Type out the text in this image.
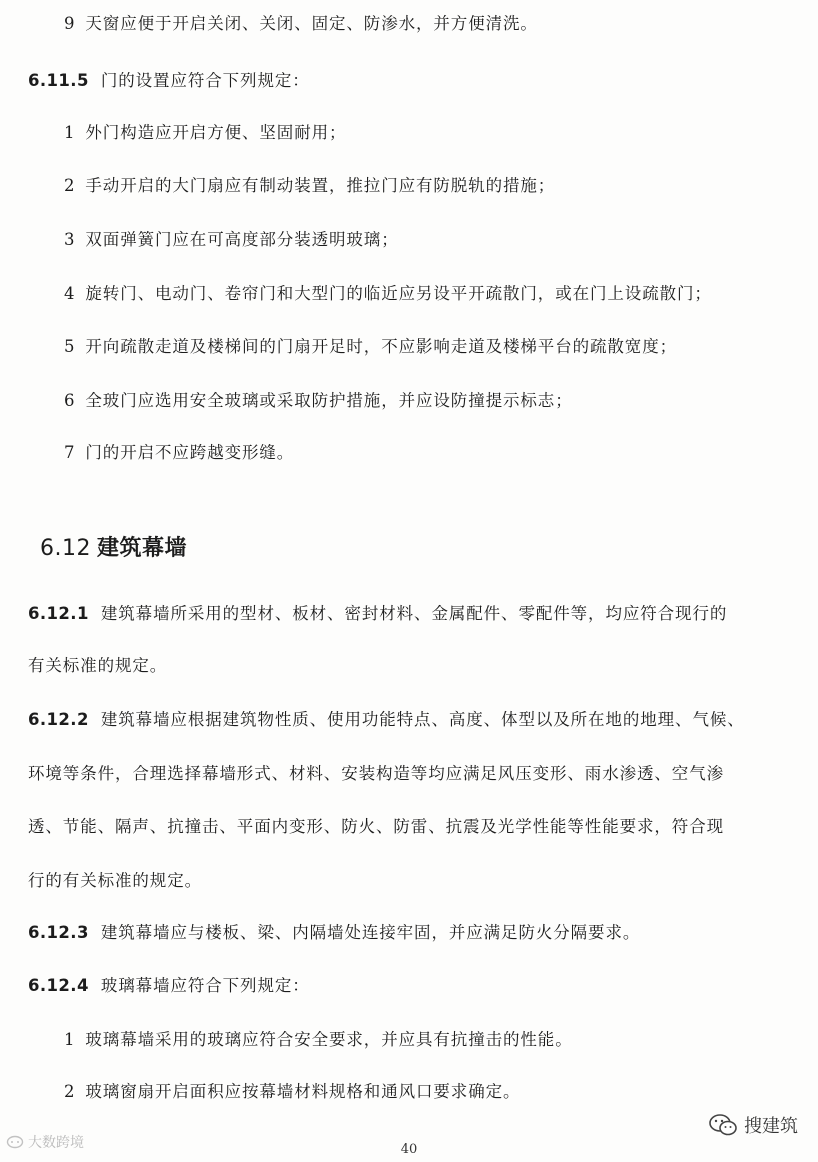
9 天窗应便于开启关闭、关闭、固定、防渗水，并方便清洗。
6.11.5 门的设置应符合下列规定：
1 外门构造应开启方便、坚固耐用；
2 手动开启的大门扇应有制动装置，推拉门应有防脱轨的措施；
3 双面弹簧门应在可高度部分装透明玻璃；
4 旋转门、电动门、卷帘门和大型门的临近应另设平开疏散门，或在门上设疏散门；
5 开向疏散走道及楼梯间的门扇开足时，不应影响走道及楼梯平台的疏散宽度；
6 全玻门应选用安全玻璃或采取防护措施，并应设防撞提示标志；
7 门的开启不应跨越变形缝。
6.12 建筑幕墙
6.12.1 建筑幕墙所采用的型材、板材、密封材料、金属配件、零配件等，均应符合现行的
有关标准的规定。
6.12.2 建筑幕墙应根据建筑物性质、使用功能特点、高度、体型以及所在地的地理、气候、
环境等条件，合理选择幕墙形式、材料、安装构造等均应满足风压变形、雨水渗透、空气渗
透、节能、隔声、抗撞击、平面内变形、防火、防雷、抗震及光学性能等性能要求，符合现
行的有关标准的规定。
6.12.3 建筑幕墙应与楼板、梁、内隔墙处连接牢固，并应满足防火分隔要求。
6.12.4 玻璃幕墙应符合下列规定：
1 玻璃幕墙采用的玻璃应符合安全要求，并应具有抗撞击的性能。
2 玻璃窗扇开启面积应按幕墙材料规格和通风口要求确定。
大数跨境	40
搜建筑
